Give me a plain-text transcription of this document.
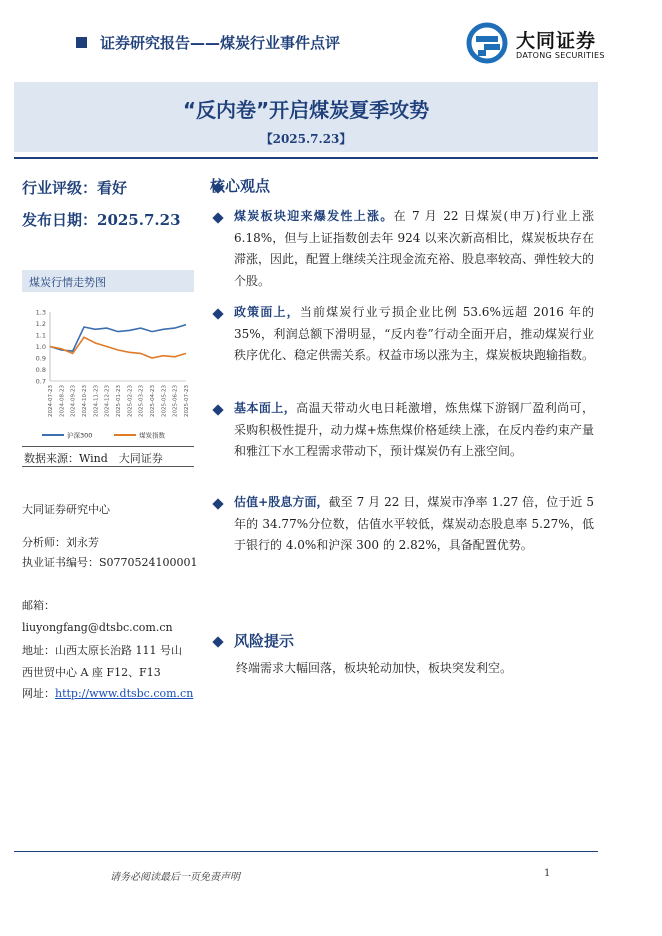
证券研究报告——煤炭行业事件点评	大同证券
DATONG SECURITIES
“反内卷”开启煤炭夏季攻势
【2025.7.23】
行业评级：看好
发布日期：2025.7.23
煤炭行情走势图
1.3
1.2
1.1
1.0
0.9
0.8
0.7
2024-07-23 2024-08-23 2024-09-23 2024-10-23 2024-11-23 2024-12-23 2025-01-23 2025-02-23 2025-03-23 2025-04-23 2025-05-23 2025-06-23 2025-07-23
沪深300	煤炭指数
数据来源：Wind　大同证券
大同证券研究中心
分析师：刘永芳
执业证书编号：S0770524100001
邮箱：
liuyongfang@dtsbc.com.cn
地址：山西太原长治路 111 号山
西世贸中心 A 座 F12、F13
网址：http://www.dtsbc.com.cn
核心观点
煤炭板块迎来爆发性上涨。在 7 月 22 日煤炭(申万)行业上涨 6.18%，但与上证指数创去年 924 以来次新高相比，煤炭板块存在滞涨，因此，配置上继续关注现金流充裕、股息率较高、弹性较大的个股。
政策面上，当前煤炭行业亏损企业比例 53.6%远超 2016 年的 35%，利润总额下滑明显，“反内卷”行动全面开启，推动煤炭行业秩序优化、稳定供需关系。权益市场以涨为主，煤炭板块跑输指数。
基本面上，高温天带动火电日耗激增，炼焦煤下游钢厂盈利尚可，采购积极性提升，动力煤+炼焦煤价格延续上涨，在反内卷约束产量和雅江下水工程需求带动下，预计煤炭仍有上涨空间。
估值+股息方面，截至 7 月 22 日，煤炭市净率 1.27 倍，位于近 5 年的 34.77%分位数，估值水平较低，煤炭动态股息率 5.27%，低于银行的 4.0%和沪深 300 的 2.82%，具备配置优势。
风险提示
终端需求大幅回落，板块轮动加快，板块突发利空。
请务必阅读最后一页免责声明	1
